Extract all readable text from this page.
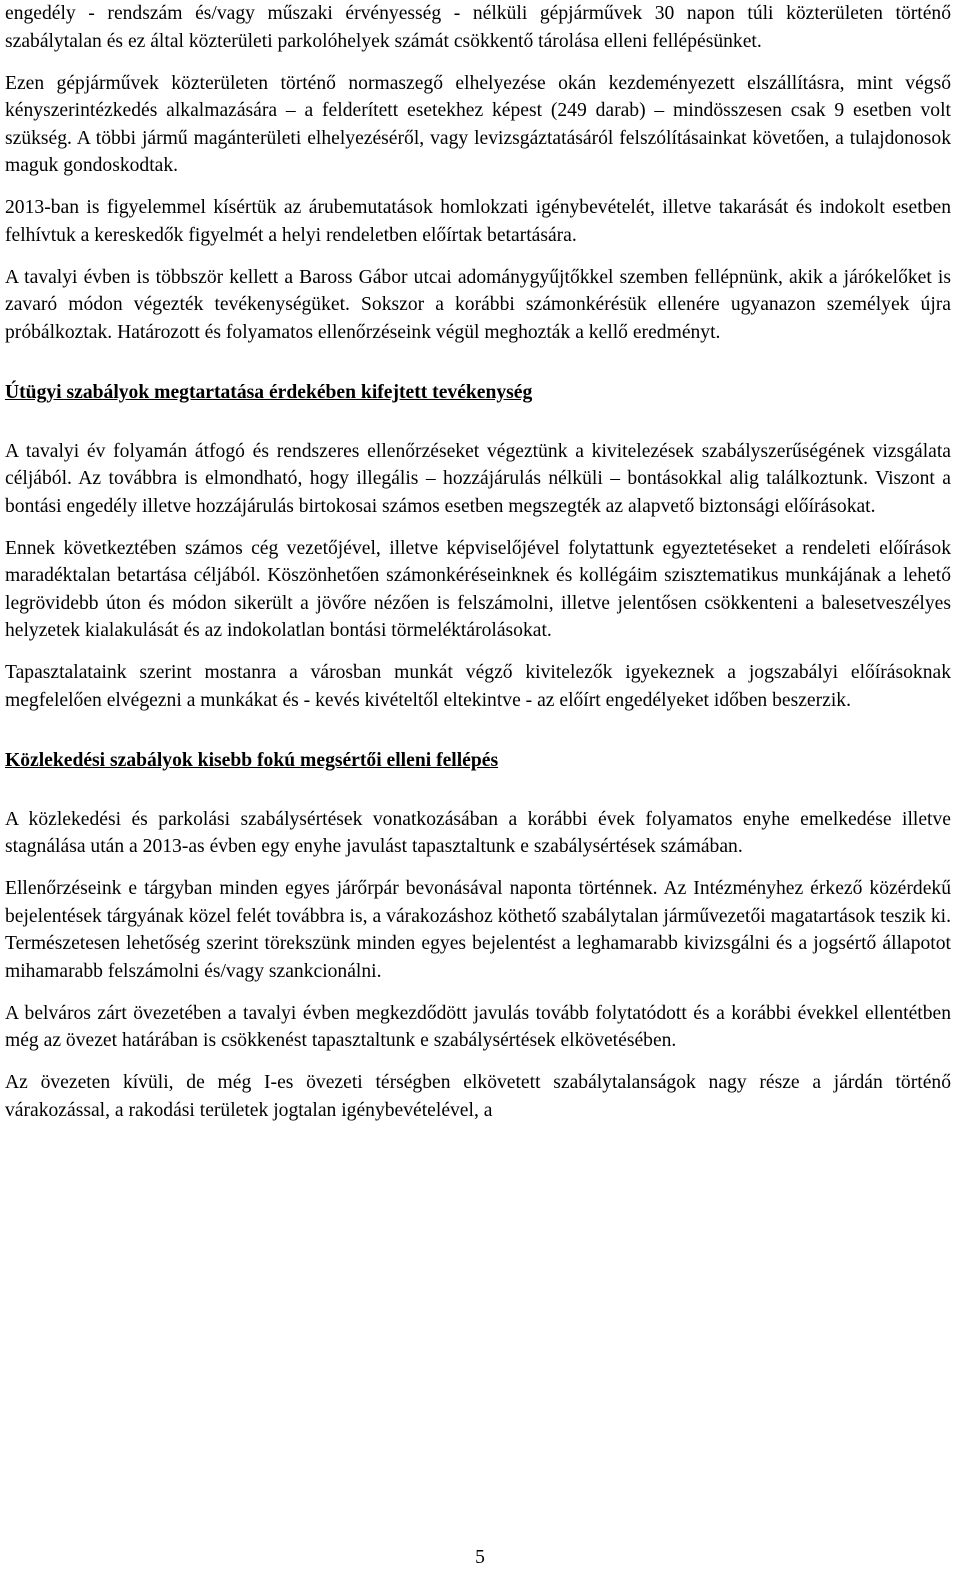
engedély - rendszám és/vagy műszaki érvényesség - nélküli gépjárművek 30 napon túli közterületen történő szabálytalan és ez által közterületi parkolóhelyek számát csökkentő tárolása elleni fellépésünket.

Ezen gépjárművek közterületen történő normaszegő elhelyezése okán kezdeményezett elszállításra, mint végső kényszerintézkedés alkalmazására – a felderített esetekhez képest (249 darab) – mindösszesen csak 9 esetben volt szükség. A többi jármű magánterületi elhelyezéséről, vagy levizsgáztatásáról felszólításainkat követően, a tulajdonosok maguk gondoskodtak.

2013-ban is figyelemmel kísértük az árubemutatások homlokzati igénybevételét, illetve takarását és indokolt esetben felhívtuk a kereskedők figyelmét a helyi rendeletben előírtak betartására.

A tavalyi évben is többször kellett a Baross Gábor utcai adománygyűjtőkkel szemben fellépnünk, akik a járókelőket is zavaró módon végezték tevékenységüket. Sokszor a korábbi számonkérésük ellenére ugyanazon személyek újra próbálkoztak. Határozott és folyamatos ellenőrzéseink végül meghozták a kellő eredményt.

Útügyi szabályok megtartatása érdekében kifejtett tevékenység

A tavalyi év folyamán átfogó és rendszeres ellenőrzéseket végeztünk a kivitelezések szabályszerűségének vizsgálata céljából. Az továbbra is elmondható, hogy illegális – hozzájárulás nélküli – bontásokkal alig találkoztunk. Viszont a bontási engedély illetve hozzájárulás birtokosai számos esetben megszegték az alapvető biztonsági előírásokat.

Ennek következtében számos cég vezetőjével, illetve képviselőjével folytattunk egyeztetéseket a rendeleti előírások maradéktalan betartása céljából. Köszönhetően számonkéréseinknek és kollégáim szisztematikus munkájának a lehető legrövidebb úton és módon sikerült a jövőre nézően is felszámolni, illetve jelentősen csökkenteni a balesetveszélyes helyzetek kialakulását és az indokolatlan bontási törmeléktárolásokat.

Tapasztalataink szerint mostanra a városban munkát végző kivitelezők igyekeznek a jogszabályi előírásoknak megfelelően elvégezni a munkákat és - kevés kivételtől eltekintve - az előírt engedélyeket időben beszerzik.

Közlekedési szabályok kisebb fokú megsértői elleni fellépés

A közlekedési és parkolási szabálysértések vonatkozásában a korábbi évek folyamatos enyhe emelkedése illetve stagnálása után a 2013-as évben egy enyhe javulást tapasztaltunk e szabálysértések számában.

Ellenőrzéseink e tárgyban minden egyes járőrpár bevonásával naponta történnek. Az Intézményhez érkező közérdekű bejelentések tárgyának közel felét továbbra is, a várakozáshoz köthető szabálytalan járművezetői magatartások teszik ki. Természetesen lehetőség szerint törekszünk minden egyes bejelentést a leghamarabb kivizsgálni és a jogsértő állapotot mihamarabb felszámolni és/vagy szankcionálni.

A belváros zárt övezetében a tavalyi évben megkezdődött javulás tovább folytatódott és a korábbi évekkel ellentétben még az övezet határában is csökkenést tapasztaltunk e szabálysértések elkövetésében.

Az övezeten kívüli, de még I-es övezeti térségben elkövetett szabálytalanságok nagy része a járdán történő várakozással, a rakodási területek jogtalan igénybevételével, a

5
